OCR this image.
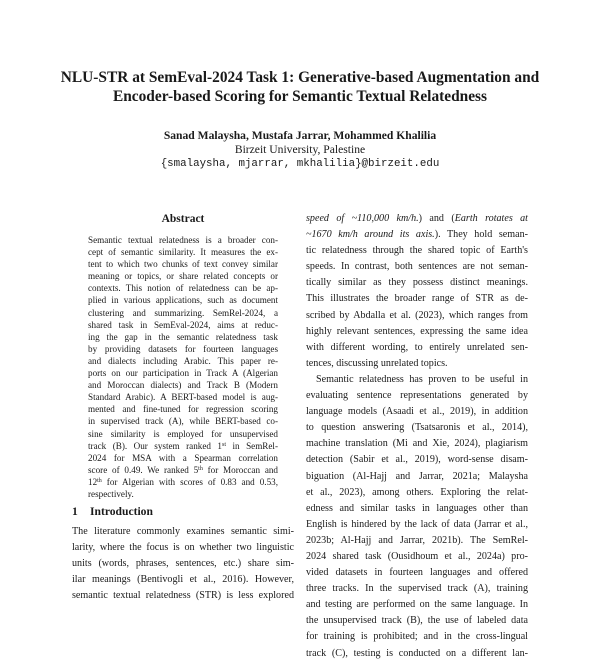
NLU-STR at SemEval-2024 Task 1: Generative-based Augmentation and
Encoder-based Scoring for Semantic Textual Relatedness
Sanad Malaysha, Mustafa Jarrar, Mohammed Khalilia
Birzeit University, Palestine
{smalaysha, mjarrar, mkhalilia}@birzeit.edu
Abstract
Semantic textual relatedness is a broader con-
cept of semantic similarity. It measures the ex-
tent to which two chunks of text convey similar
meaning or topics, or share related concepts or
contexts. This notion of relatedness can be ap-
plied in various applications, such as document
clustering and summarizing. SemRel-2024, a
shared task in SemEval-2024, aims at reduc-
ing the gap in the semantic relatedness task
by providing datasets for fourteen languages
and dialects including Arabic. This paper re-
ports on our participation in Track A (Algerian
and Moroccan dialects) and Track B (Modern
Standard Arabic). A BERT-based model is aug-
mented and fine-tuned for regression scoring
in supervised track (A), while BERT-based co-
sine similarity is employed for unsupervised
track (B). Our system ranked 1st in SemRel-
2024 for MSA with a Spearman correlation
score of 0.49. We ranked 5th for Moroccan and
12th for Algerian with scores of 0.83 and 0.53,
respectively.
1 Introduction
The literature commonly examines semantic simi-
larity, where the focus is on whether two linguistic
units (words, phrases, sentences, etc.) share sim-
ilar meanings (Bentivogli et al., 2016). However,
semantic textual relatedness (STR) is less explored
speed of ~110,000 km/h.) and (Earth rotates at
~1670 km/h around its axis.). They hold seman-
tic relatedness through the shared topic of Earth's
speeds. In contrast, both sentences are not seman-
tically similar as they possess distinct meanings.
This illustrates the broader range of STR as de-
scribed by Abdalla et al. (2023), which ranges from
highly relevant sentences, expressing the same idea
with different wording, to entirely unrelated sen-
tences, discussing unrelated topics.
Semantic relatedness has proven to be useful in
evaluating sentence representations generated by
language models (Asaadi et al., 2019), in addition
to question answering (Tsatsaronis et al., 2014),
machine translation (Mi and Xie, 2024), plagiarism
detection (Sabir et al., 2019), word-sense disam-
biguation (Al-Hajj and Jarrar, 2021a; Malaysha
et al., 2023), among others. Exploring the relat-
edness and similar tasks in languages other than
English is hindered by the lack of data (Jarrar et al.,
2023b; Al-Hajj and Jarrar, 2021b). The SemRel-
2024 shared task (Ousidhoum et al., 2024a) pro-
vided datasets in fourteen languages and offered
three tracks. In the supervised track (A), training
and testing are performed on the same language. In
the unsupervised track (B), the use of labeled data
for training is prohibited; and in the cross-lingual
track (C), testing is conducted on a different lan-
